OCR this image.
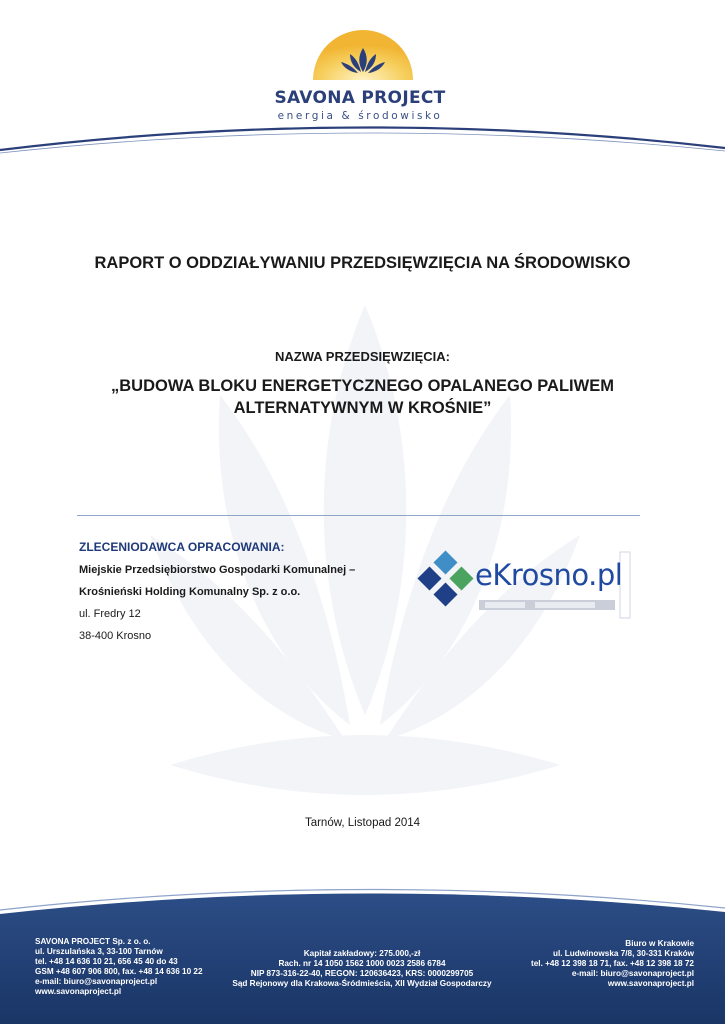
SAVONA PROJECT
energia & środowisko
RAPORT O ODDZIAŁYWANIU PRZEDSIĘWZIĘCIA NA ŚRODOWISKO
NAZWA PRZEDSIĘWZIĘCIA:
„BUDOWA BLOKU ENERGETYCZNEGO OPALANEGO PALIWEM
ALTERNATYWNYM W KROŚNIE”

ZLECENIODAWCA OPRACOWANIA:

Miejskie Przedsiębiorstwo Gospodarki Komunalnej –

Krośnieński Holding Komunalny Sp. z o.o.

ul. Fredry 12

38-400 Krosno

eKrosno.pl
Tarnów, Listopad 2014
SAVONA PROJECT Sp. z o. o.
ul. Urszulańska 3, 33-100 Tarnów
tel. +48 14 636 10 21, 656 45 40 do 43
GSM +48 607 906 800, fax. +48 14 636 10 22
e-mail: biuro@savonaproject.pl
www.savonaproject.pl
Kapitał zakładowy: 275.000,-zł
Rach. nr 14 1050 1562 1000 0023 2586 6784
NIP 873-316-22-40, REGON: 120636423, KRS: 0000299705
Sąd Rejonowy dla Krakowa-Śródmieścia, XII Wydział Gospodarczy
Biuro w Krakowie
ul. Ludwinowska 7/8, 30-331 Kraków
tel. +48 12 398 18 71, fax. +48 12 398 18 72
e-mail: biuro@savonaproject.pl
www.savonaproject.pl
